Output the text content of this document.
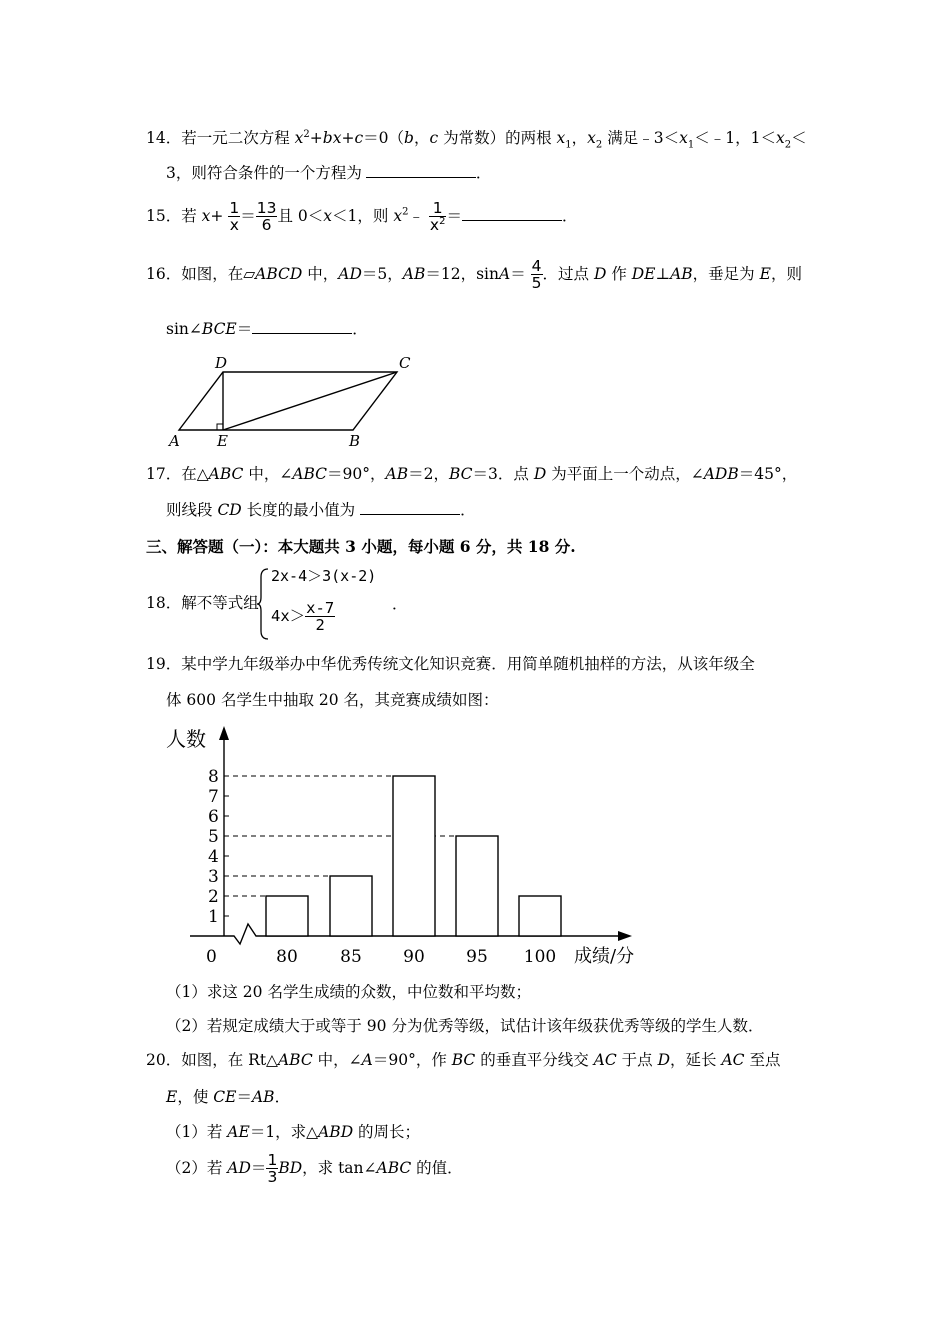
14．若一元二次方程 $x^2+bx+c=0(b$，c 为常数）的两根 $x_1$，$x_2$ 满足$﹣3<x_1<﹣1$，$1<x_2<$
3，则符合条件的一个方程为	．
15．若 $x+ \frac{1}{x} = \frac{13}{6}$ 且 0＜x＜1，则 $x^2﹣ \frac{1}{x^2}$ ＝	．
16．如图，在▱ABCD 中，AD＝5，AB＝12，$\sin A= \frac{4}{5}$ ．过点 D 作 DE⊥AB，垂足为 E，则
sin∠BCE＝	．
D	C
A E	B
17．在△ABC 中，∠ABC＝90°，AB＝2，BC＝3．点 D 为平面上一个动点，∠ADB＝45°，
则线段 CD 长度的最小值为	．
三、解答题（一）：本大题共 3 小题，每小题 6 分，共 18 分.
18．解不等式组
2x-4＞3(x-2)
$4x> \frac{x-7}{2}$	．
19．某中学九年级举办中华优秀传统文化知识竞赛．用简单随机抽样的方法，从该年级全
体 600 名学生中抽取 20 名，其竞赛成绩如图：
人数
成绩/分
0
1
2
3
4
5
6
7
8
80 85 90 95 100
（1）求这 20 名学生成绩的众数，中位数和平均数；
（2）若规定成绩大于或等于 90 分为优秀等级，试估计该年级获优秀等级的学生人数．
20．如图，在 Rt△ABC 中，∠A＝90°，作 BC 的垂直平分线交 AC 于点 D，延长 AC 至点
E，使 CE＝AB．
（1）若 AE＝1，求△ABD 的周长；
（2）若 $AD= \frac{1}{3}$ BD，求 tan∠ABC 的值．
